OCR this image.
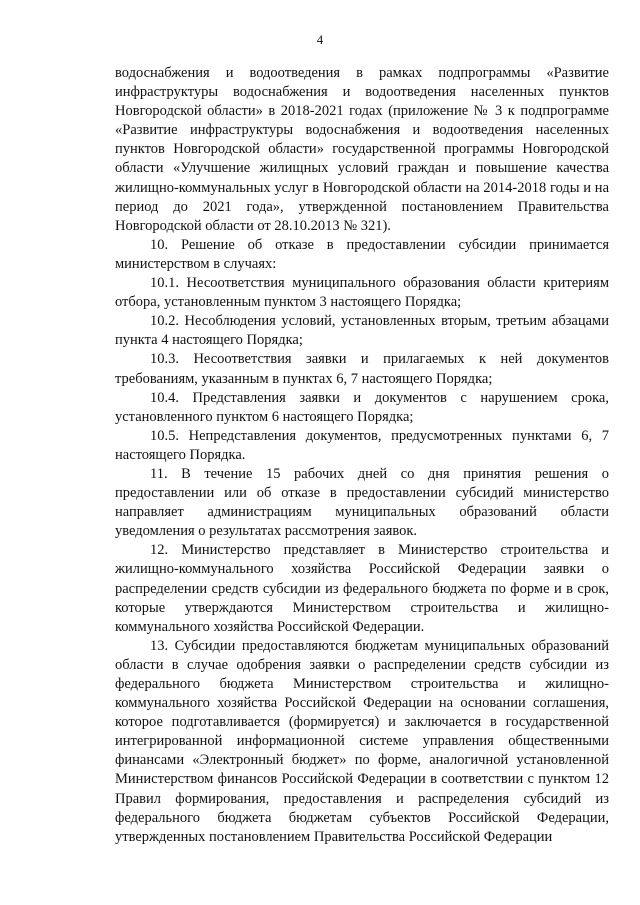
4

водоснабжения и водоотведения в рамках подпрограммы «Развитие инфраструктуры водоснабжения и водоотведения населенных пунктов Новгородской области» в 2018-2021 годах (приложение № 3 к подпрограмме «Развитие инфраструктуры водоснабжения и водоотведения населенных пунктов Новгородской области» государственной программы Новгородской области «Улучшение жилищных условий граждан и повышение качества жилищно-коммунальных услуг в Новгородской области на 2014-2018 годы и на период до 2021 года», утвержденной постановлением Правительства Новгородской области от 28.10.2013 № 321).

10. Решение об отказе в предоставлении субсидии принимается министерством в случаях:

10.1. Несоответствия муниципального образования области критериям отбора, установленным пунктом 3 настоящего Порядка;

10.2. Несоблюдения условий, установленных вторым, третьим абзацами пункта 4 настоящего Порядка;

10.3. Несоответствия заявки и прилагаемых к ней документов требованиям, указанным в пунктах 6, 7 настоящего Порядка;

10.4. Представления заявки и документов с нарушением срока, установленного пунктом 6 настоящего Порядка;

10.5. Непредставления документов, предусмотренных пунктами 6, 7 настоящего Порядка.

11. В течение 15 рабочих дней со дня принятия решения о предоставлении или об отказе в предоставлении субсидий министерство направляет администрациям муниципальных образований области уведомления о результатах рассмотрения заявок.

12. Министерство представляет в Министерство строительства и жилищно-коммунального хозяйства Российской Федерации заявки о распределении средств субсидии из федерального бюджета по форме и в срок, которые утверждаются Министерством строительства и жилищно-коммунального хозяйства Российской Федерации.

13. Субсидии предоставляются бюджетам муниципальных образований области в случае одобрения заявки о распределении средств субсидии из федерального бюджета Министерством строительства и жилищно-коммунального хозяйства Российской Федерации на основании соглашения, которое подготавливается (формируется) и заключается в государственной интегрированной информационной системе управления общественными финансами «Электронный бюджет» по форме, аналогичной установленной Министерством финансов Российской Федерации в соответствии с пунктом 12 Правил формирования, предоставления и распределения субсидий из федерального бюджета бюджетам субъектов Российской Федерации, утвержденных постановлением Правительства Российской Федерации
